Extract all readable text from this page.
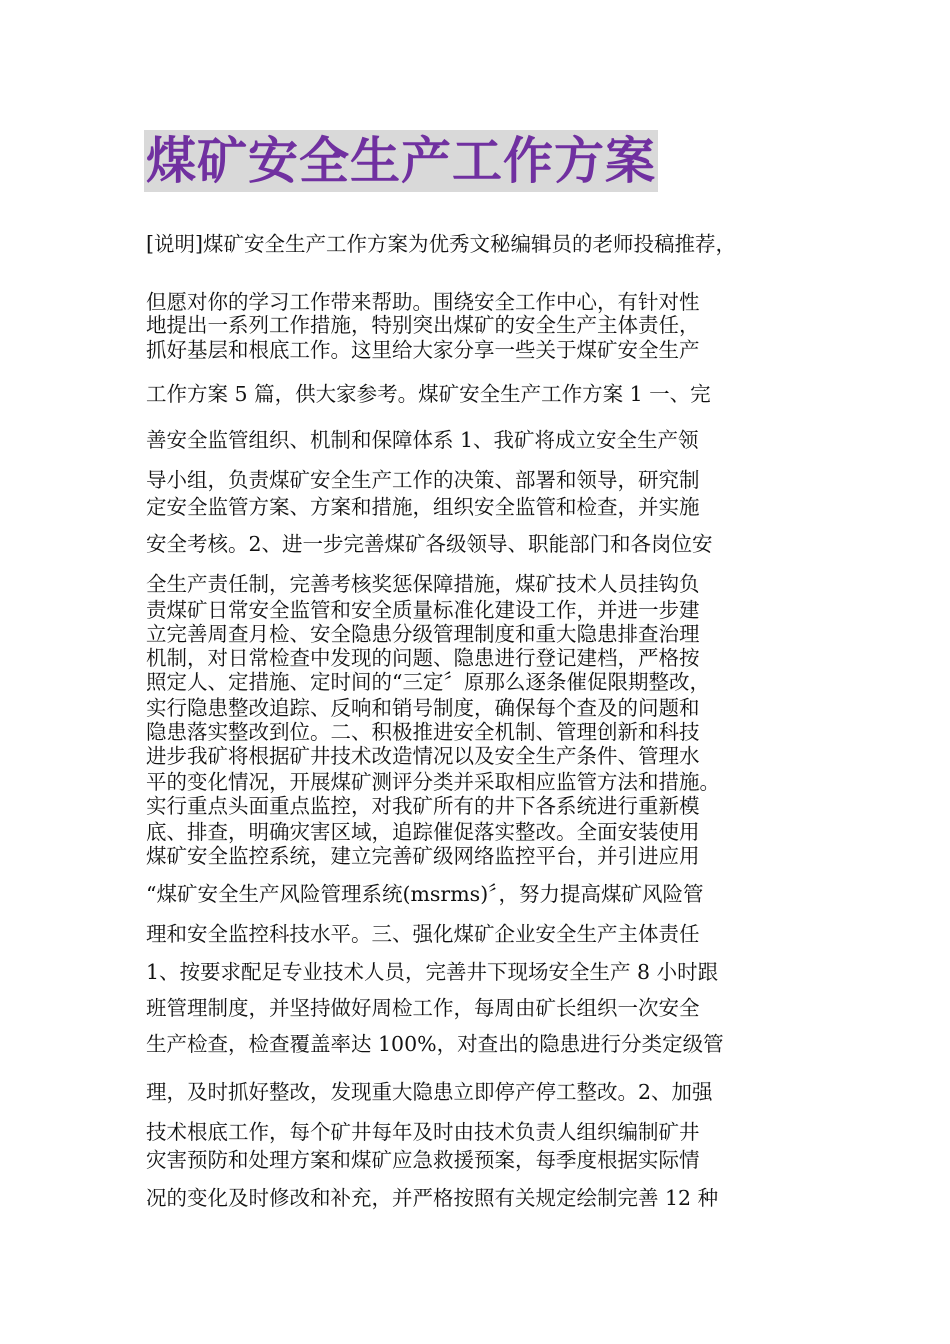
煤矿安全生产工作方案
[说明]煤矿安全生产工作方案为优秀文秘编辑员的老师投稿推荐，
但愿对你的学习工作带来帮助。围绕安全工作中心，有针对性
地提出一系列工作措施，特别突出煤矿的安全生产主体责任，
抓好基层和根底工作。这里给大家分享一些关于煤矿安全生产
工作方案 5 篇，供大家参考。煤矿安全生产工作方案 1 一、完
善安全监管组织、机制和保障体系 1、我矿将成立安全生产领
导小组，负责煤矿安全生产工作的决策、部署和领导，研究制
定安全监管方案、方案和措施，组织安全监管和检查，并实施
安全考核。2、进一步完善煤矿各级领导、职能部门和各岗位安
全生产责任制，完善考核奖惩保障措施，煤矿技术人员挂钩负
责煤矿日常安全监管和安全质量标准化建设工作，并进一步建
立完善周查月检、安全隐患分级管理制度和重大隐患排查治理
机制，对日常检查中发现的问题、隐患进行登记建档，严格按
照定人、定措施、定时间的“三定〞原那么逐条催促限期整改，
实行隐患整改追踪、反响和销号制度，确保每个查及的问题和
隐患落实整改到位。二、积极推进安全机制、管理创新和科技
进步我矿将根据矿井技术改造情况以及安全生产条件、管理水
平的变化情况，开展煤矿测评分类并采取相应监管方法和措施。
实行重点头面重点监控，对我矿所有的井下各系统进行重新模
底、排查，明确灾害区域，追踪催促落实整改。全面安装使用
煤矿安全监控系统，建立完善矿级网络监控平台，并引进应用
“煤矿安全生产风险管理系统(msrms)〞，努力提高煤矿风险管
理和安全监控科技水平。三、强化煤矿企业安全生产主体责任
1、按要求配足专业技术人员，完善井下现场安全生产 8 小时跟
班管理制度，并坚持做好周检工作，每周由矿长组织一次安全
生产检查，检查覆盖率达 100%，对查出的隐患进行分类定级管
理，及时抓好整改，发现重大隐患立即停产停工整改。2、加强
技术根底工作，每个矿井每年及时由技术负责人组织编制矿井
灾害预防和处理方案和煤矿应急救援预案，每季度根据实际情
况的变化及时修改和补充，并严格按照有关规定绘制完善 12 种
